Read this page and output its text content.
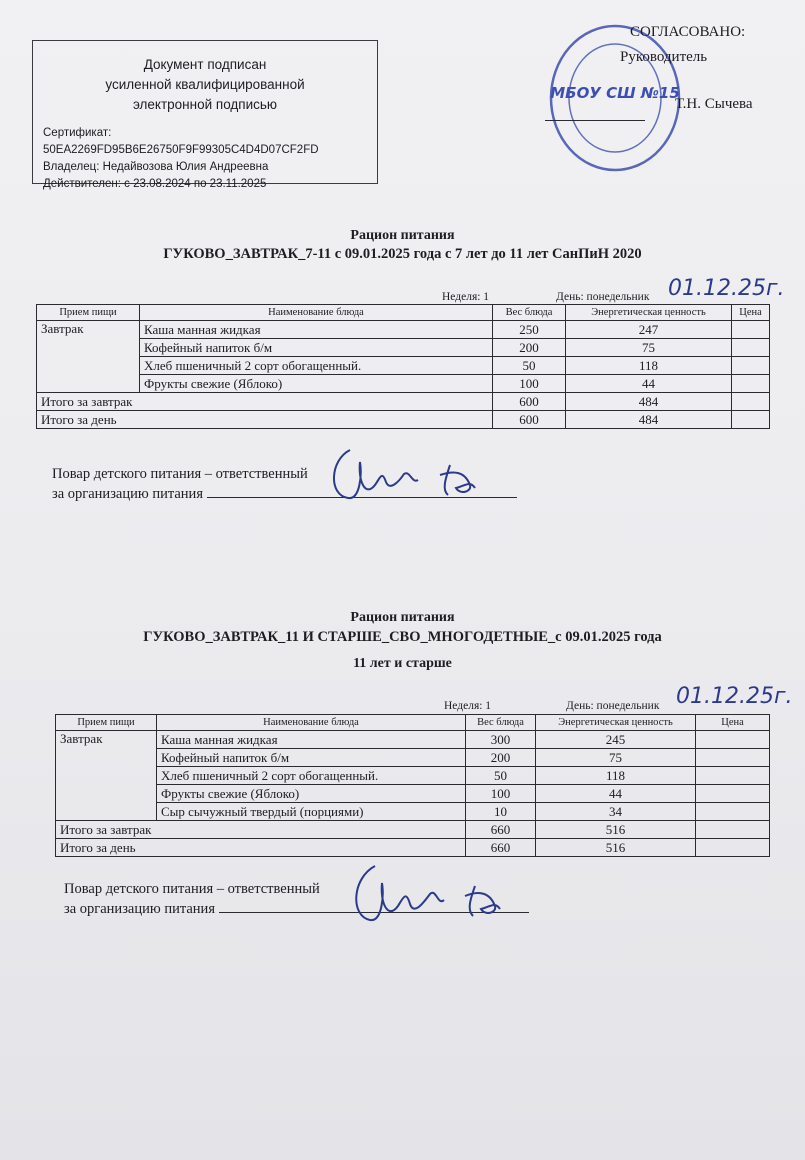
Документ подписан
усиленной квалифицированной
электронной подписью
Сертификат:
50EA2269FD95B6E26750F9F99305C4D4D07CF2FD
Владелец: Недайвозова Юлия Андреевна
Действителен: с 23.08.2024 по 23.11.2025
МБОУ СШ №15
СОГЛАСОВАНО:
Руководитель
Т.Н. Сычева
Рацион питания
ГУКОВО_ЗАВТРАК_7-11 с 09.01.2025 года с 7 лет до 11 лет СанПиН 2020
Неделя: 1	День: понедельник 01.12.25г.
Прием пищи	Наименование блюда	Вес блюда	Энергетическая ценность	Цена
Завтрак	Каша манная жидкая	250	247	
	Кофейный напиток б/м	200	75	
	Хлеб пшеничный 2 сорт обогащенный.	50	118	
	Фрукты свежие (Яблоко)	100	44	
Итого за завтрак		600	484	
Итого за день		600	484	
Повар детского питания – ответственный
за организацию питания
Рацион питания
ГУКОВО_ЗАВТРАК_11 И СТАРШЕ_СВО_МНОГОДЕТНЫЕ_с 09.01.2025 года
11 лет и старше
Неделя: 1	День: понедельник 01.12.25г.
Прием пищи	Наименование блюда	Вес блюда	Энергетическая ценность	Цена
Завтрак	Каша манная жидкая	300	245	
	Кофейный напиток б/м	200	75	
	Хлеб пшеничный 2 сорт обогащенный.	50	118	
	Фрукты свежие (Яблоко)	100	44	
	Сыр сычужный твердый (порциями)	10	34	
Итого за завтрак		660	516	
Итого за день		660	516	
Повар детского питания – ответственный
за организацию питания
